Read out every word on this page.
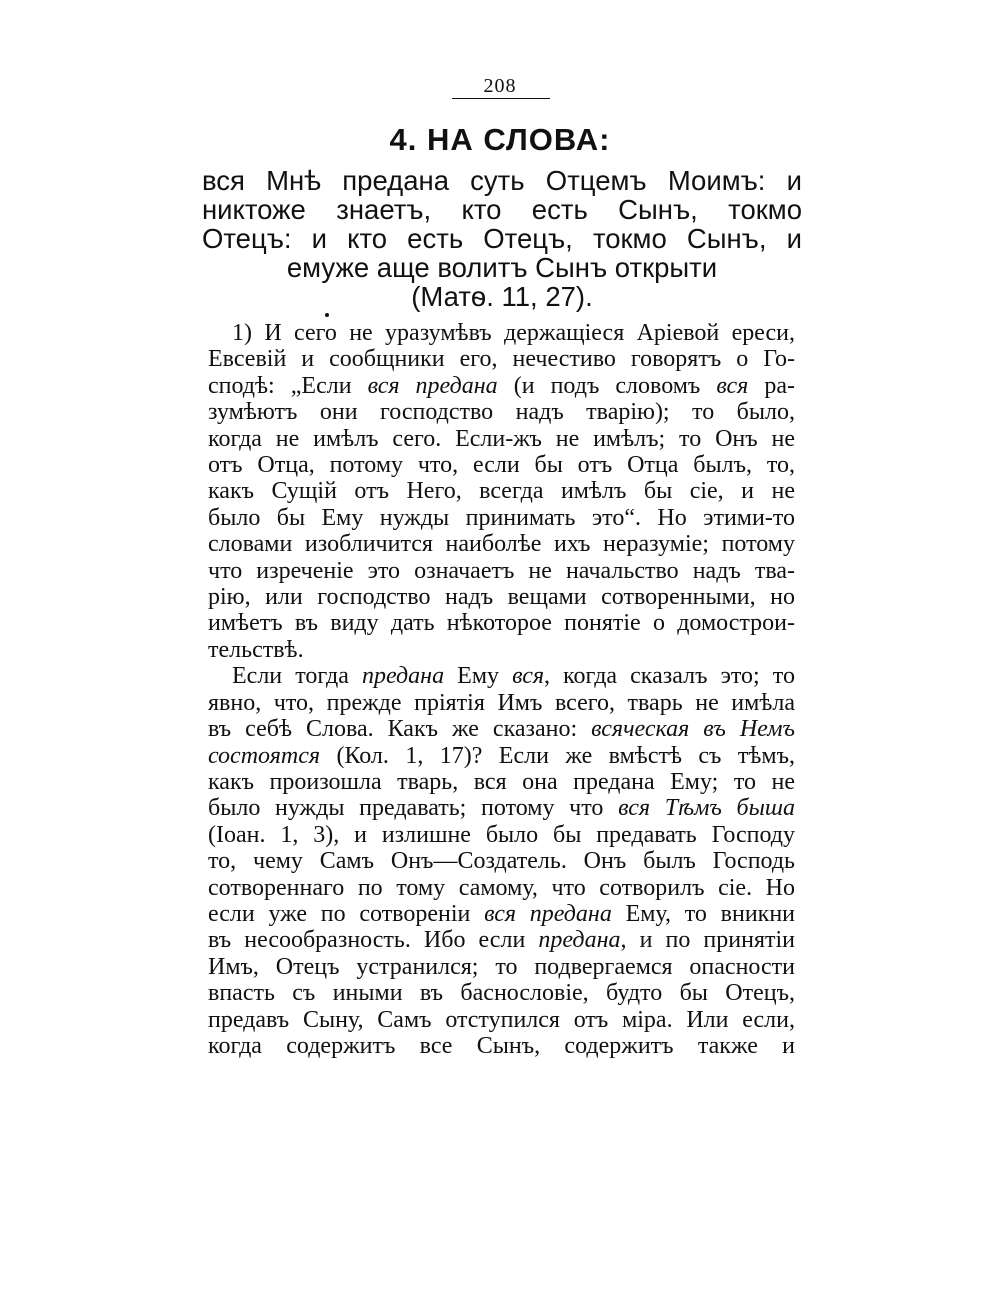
208
4. НА СЛОВА:
вся Мнѣ предана суть Отцемъ Моимъ: и
никтоже знаетъ, кто есть Сынъ, токмо
Отецъ: и кто есть Отецъ, токмо Сынъ, и
емуже аще волитъ Сынъ открыти
(Матѳ. 11, 27).
1) И сего не уразумѣвъ держащіеся Аріевой ереси,
Евсевій и сообщники его, нечестиво говорятъ о Го-
сподѣ: „Если вся предана (и подъ словомъ вся ра-
зумѣютъ они господство надъ тварію); то было,
когда не имѣлъ сего. Если-жъ не имѣлъ; то Онъ не
отъ Отца, потому что, если бы отъ Отца былъ, то,
какъ Сущій отъ Него, всегда имѣлъ бы сіе, и не
было бы Ему нужды принимать это“. Но этими-то
словами изобличится наиболѣе ихъ неразуміе; потому
что изреченіе это означаетъ не начальство надъ тва-
рію, или господство надъ вещами сотворенными, но
имѣетъ въ виду дать нѣкоторое понятіе о домострои-
тельствѣ.
Если тогда предана Ему вся, когда сказалъ это; то
явно, что, прежде пріятія Имъ всего, тварь не имѣла
въ себѣ Слова. Какъ же сказано: всяческая въ Немъ
состоятся (Кол. 1, 17)? Если же вмѣстѣ съ тѣмъ,
какъ произошла тварь, вся она предана Ему; то не
было нужды предавать; потому что вся Тѣмъ быша
(Іоан. 1, 3), и излишне было бы предавать Господу
то, чему Самъ Онъ—Создатель. Онъ былъ Господь
сотвореннаго по тому самому, что сотворилъ сіе. Но
если уже по сотвореніи вся предана Ему, то вникни
въ несообразность. Ибо если предана, и по принятіи
Имъ, Отецъ устранился; то подвергаемся опасности
впасть съ иными въ баснословіе, будто бы Отецъ,
предавъ Сыну, Самъ отступился отъ міра. Или если,
когда содержитъ все Сынъ, содержитъ также и
